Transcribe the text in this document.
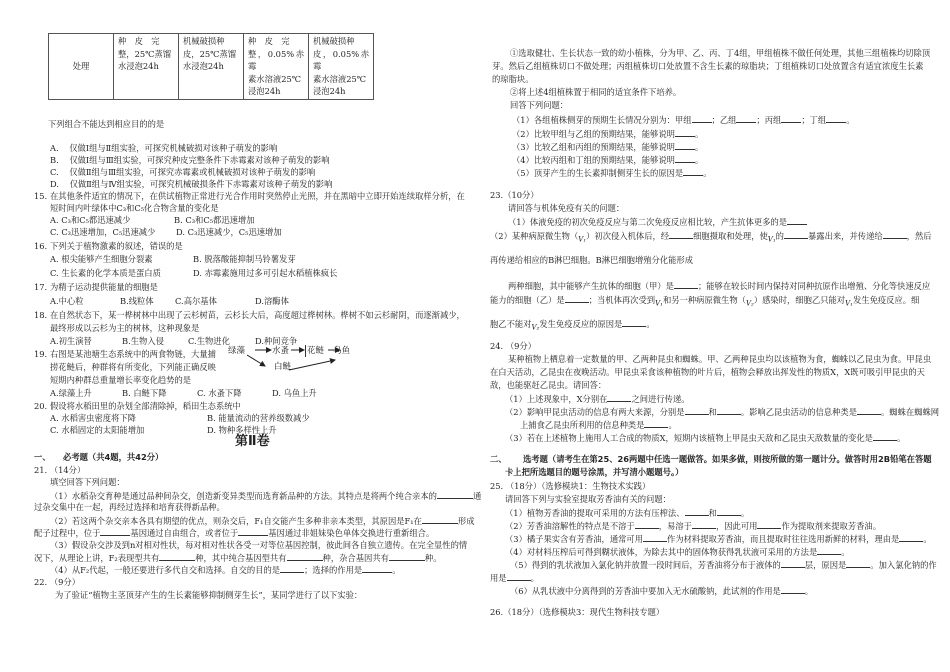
处理	种　皮　完
整，25℃蒸馏
水浸泡24h	机械破损种
皮，25℃蒸馏
水浸泡24h	种　皮　完
整，0.05%赤霉
素水溶液25℃
浸泡24h	机械破损种
皮，0.05%赤霉
素水溶液25℃
浸泡24h
下列组合不能达到相应目的的是
A. 仅做Ⅰ组与Ⅱ组实验，可探究机械破损对该种子萌发的影响
B. 仅做Ⅰ组与Ⅲ组实验，可探究种皮完整条件下赤霉素对该种子萌发的影响
C. 仅做Ⅱ组与Ⅲ组实验，可探究赤霉素或机械破损对该种子萌发的影响
D. 仅做Ⅱ组与Ⅳ组实验，可探究机械破损条件下赤霉素对该种子萌发的影响
15. 在其他条件适宜的情况下，在供试植物正常进行光合作用时突然停止光照，并在黑暗中立即开始连续取样分析，在
短时间内叶绿体中C₃和C₅化合物含量的变化是
A. C₃和C₅都迅速减少	B. C₃和C₅都迅速增加
C. C₃迅速增加，C₅迅速减少 D. C₃迅速减少，C₅迅速增加
16. 下列关于植物激素的叙述，错误的是
A. 根尖能够产生细胞分裂素	B. 脱落酸能抑制马铃薯发芽
C. 生长素的化学本质是蛋白质	D. 赤霉素施用过多可引起水稻植株疯长
17. 为精子运动提供能量的细胞是
A.中心粒	B.线粒体	C.高尔基体	D.溶酶体
18. 在自然状态下，某一桦树林中出现了云杉树苗，云杉长大后，高度超过桦树林。桦树不如云杉耐阴，而逐渐减少，
最终形成以云杉为主的树林，这种现象是
A.初生演替	B.生物入侵	C.生物进化	D.种间竞争
19. 右图是某池塘生态系统中的两食物链，大量捕
捞花鲢后，种群将有所变化，下列能正确反映
短期内种群总重量增长率变化趋势的是
A.绿藻上升	B. 白鲢下降	C. 水蚤下降	D. 乌鱼上升
绿藻	水蚤 花鲢 乌鱼
白鲢
20. 假设将水稻田里的杂划全部清除掉，稻田生态系统中
A. 水稻害虫密度将下降	B. 能量流动的营养级数减少
C. 水稻固定的太阳能增加	D. 物种多样性上升
第Ⅱ卷
一、　　必考题（共4题，共42分）
21. （14分）
填空回答下列问题：
（1）水稻杂交育种是通过品种间杂交，创造新变异类型而选育新品种的方法。其特点是将两个纯合亲本的	通
过杂交集中在一起，再经过选择和培育获得新品种。
（2）若这两个杂交亲本各具有期望的优点，则杂交后，F₁自交能产生多种非亲本类型，其原因是F₁在	形成
配子过程中，位于	基因通过自由组合，或者位于	基因通过非姐妹染色单体交换进行重新组合。
（3）假设杂交涉及到n对相对性状，每对相对性状各受一对等位基因控制，彼此间各自独立遗传。在完全显性的情
况下，从理论上讲，F₂表现型共有	种，其中纯合基因型共有	种，杂合基因共有	种。
（4）从F₂代起，一般还要进行多代自交和选择。自交的目的是	；选择的作用是	。
22. （9分）
为了验证“植物主茎顶芽产生的生长素能够抑制侧芽生长”，某同学进行了以下实验：
①选取健壮、生长状态一致的幼小植株，分为甲、乙、丙、丁4组，甲组植株不做任何处理，其他三组植株均切除顶
芽。然后乙组植株切口不做处理；丙组植株切口处放置不含生长素的琼脂块；丁组植株切口处放置含有适宜浓度生长素
的琼脂块。
②将上述4组植株置于相同的适宜条件下培养。
回答下列问题：
（1）各组植株侧芽的预期生长情况分别为：甲组 ；乙组 ；丙组 ；丁组 。
（2）比较甲组与乙组的预期结果，能够说明 。
（3）比较乙组和丙组的预期结果，能够说明 。
（4）比较丙组和丁组的预期结果，能够说明 。
（5）顶芽产生的生长素抑制侧芽生长的原因是 。
23.（10分）
请回答与机体免疫有关的问题：
（1）体液免疫的初次免疫反应与第二次免疫反应相比较，产生抗体更多的是
（2）某种病原微生物$(_{V_1})$初次侵入机体后，经	细胞摄取和处理，使$_{V_1}$的	暴露出来，并传递给	，然后
再传递给相应的B淋巴细胞。B淋巴细胞增殖分化能形成
两种细胞，其中能够产生抗体的细胞（甲）是	；能够在较长时间内保持对同种抗原作出增殖、分化等快速反应
能力的细胞（乙）是	；当机体再次受到$_{V_1}$和另一种病原微生物$(_{V_2})$感染时，细胞乙只能对$_{V_1}$发生免疫反应。细
胞乙不能对$_{V_2}$发生免疫反应的原因是	。
24. （9分）
某种植物上栖息着一定数量的甲、乙两种昆虫和蜘蛛。甲、乙两种昆虫均以该植物为食，蜘蛛以乙昆虫为食。甲昆虫
在白天活动，乙昆虫在夜晚活动。甲昆虫采食该种植物的叶片后，植物会释放出挥发性的物质X，X既可吸引甲昆虫的天
敌，也能驱赶乙昆虫。请回答：
（1）上述现象中，X分别在	之间进行传递。
（2）影响甲昆虫活动的信息有两大来源，分别是	和	。影响乙昆虫活动的信息种类是	。蜘蛛在蜘蛛网
上捕食乙昆虫所利用的信息种类是	。
（3）若在上述植物上施用人工合成的物质X，短期内该植物上甲昆虫天敌和乙昆虫天敌数量的变化是	。
二、 选考题（请考生在第25、26两题中任选一题做答。如果多做，则按所做的第一题计分。做答时用2B铅笔在答题
卡上把所选题目的题号涂黑，并写清小题题号。）
25. （18分）（选修模块1：生物技术实践）
请回答下列与实验室提取芳香油有关的问题：
（1）植物芳香油的提取可采用的方法有压榨法、	和	。
（2）芳香油溶解性的特点是不溶于	，易溶于	，因此可用	作为提取剂来提取芳香油。
（3）橘子果实含有芳香油，通常可用	作为材料提取芳香油，而且提取时往往选用新鲜的材料，理由是	。
（4）对材料压榨后可得到糊状液体，为除去其中的固体物获得乳状液可采用的方法是	。
（5）得到的乳状液加入氯化钠并放置一段时间后，芳香油将分布于液体的	层，原因是	。加入氯化钠的作
用是	。
（6）从乳状液中分离得到的芳香油中要加入无水硫酸钠，此试剂的作用是	。
26.（18分）（选修模块3：现代生物科技专题）
